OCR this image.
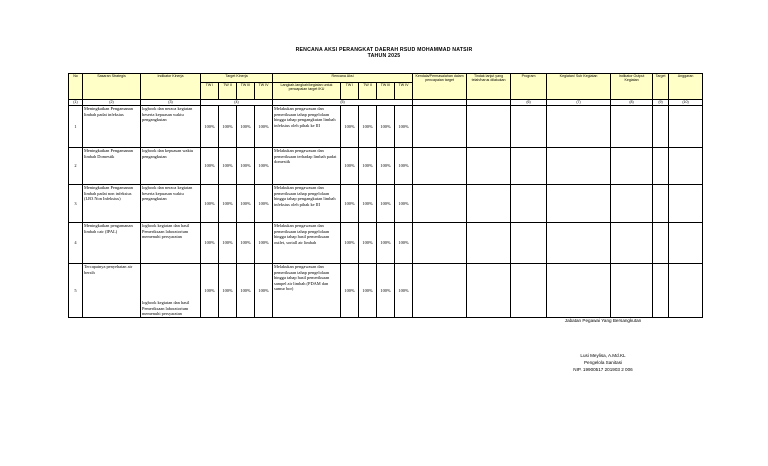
RENCANA AKSI PERANGKAT DAERAH RSUD MOHAMMAD NATSIR
TAHUN 2025
No	Sasaran Strategis	Indikator Kinerja	Target Kinerja				Rencana Aksi					Kendala/Permasalahan dalam pencapaian target	Tindak lanjut yang telah/harus dilakukan	Program	Kegiatan/ Sub Kegiatan	Indikator Output Kegiatan	Target	Anggaran
			TW I	TW II	TW III	TW IV	Langkah-langkah/kegiatan untuk pencapaian target IKU	TW I	TW II	TW III	TW IV							
(1)	(2)	(3)	(4)				(5)							(6)	(7)	(8)	(9)	(10)
1	Meningkatkan Pengamanan limbah padat infeksius	logbook dan neraca kegiatan beserta kepuasan waktu pengangkutan	100%	100%	100%	100%	Melakukan pengawasan dan pemeriksaan tahap pengelolaan hingga tahap pengangkutan limbah infeksius oleh pihak ke III	100%	100%	100%	100%							
2	Meningkatkan Pengamanan limbah Domestik	logbook dan kepuasan waktu pengangkutan	100%	100%	100%	100%	Melakukan pengawasan dan pemeriksaan terhadap limbah padat domestik	100%	100%	100%	100%							
3	Meningkatkan Pengamanan limbah padat non infeksius (LB3 Non Infeksius)	logbook dan neraca kegiatan beserta kepuasan waktu pengangkutan	100%	100%	100%	100%	Melakukan pengawasan dan pemeriksaan tahap pengelolaan hingga tahap pengangkutan limbah infeksius oleh pihak ke III	100%	100%	100%	100%							
4	Meningkatkan pengamanan limbah cair (IPAL)	logbook kegiatan dan hasil Pemeriksaan laboratorium memenuhi persyaratan	100%	100%	100%	100%	Melakukan pengawasan dan pemeriksaan tahap pengelolaan hingga tahap hasil pemeriksaan outlet, sortall air limbah	100%	100%	100%	100%							
5	Tercapainya penyehatan air bersih	logbook kegiatan dan hasil Pemeriksaan laboratorium memenuhi persyaratan	100%	100%	100%	100%	Melakukan pengawasan dan pemeriksaan tahap pengelolaan hingga tahap hasil pemeriksaan sampel air limbah (PDAM dan sumur bor)	100%	100%	100%	100%							
Jabatan Pegawai Yang Bersangkutan
Lusi Meylisa, A.Md.KL
Pengelola Sanitasi
NIP. 19900517 201903 2 006
